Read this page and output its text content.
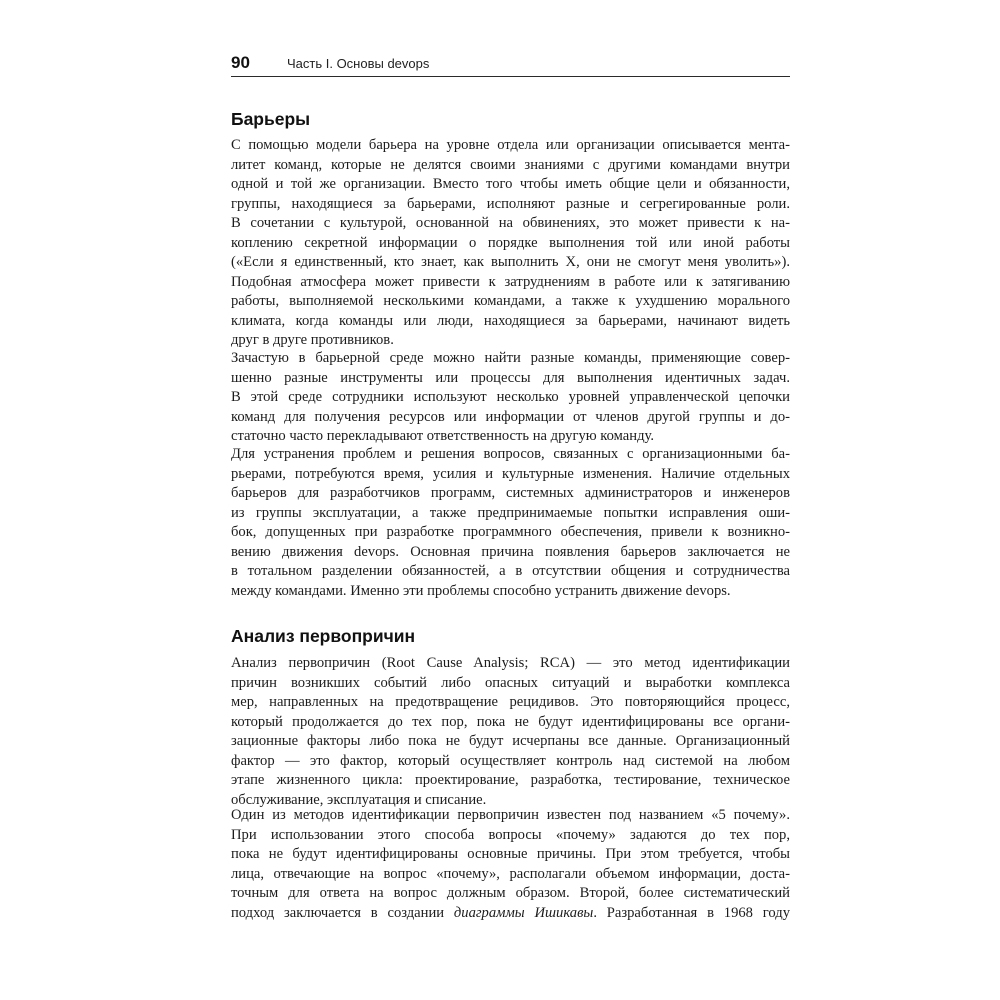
90	Часть I. Основы devops
Барьеры
С помощью модели барьера на уровне отдела или организации описывается мента-
литет команд, которые не делятся своими знаниями с другими командами внутри
одной и той же организации. Вместо того чтобы иметь общие цели и обязанности,
группы, находящиеся за барьерами, исполняют разные и сегрегированные роли.
В сочетании с культурой, основанной на обвинениях, это может привести к на-
коплению секретной информации о порядке выполнения той или иной работы
(«Если я единственный, кто знает, как выполнить X, они не смогут меня уволить»).
Подобная атмосфера может привести к затруднениям в работе или к затягиванию
работы, выполняемой несколькими командами, а также к ухудшению морального
климата, когда команды или люди, находящиеся за барьерами, начинают видеть
друг в друге противников.
Зачастую в барьерной среде можно найти разные команды, применяющие совер-
шенно разные инструменты или процессы для выполнения идентичных задач.
В этой среде сотрудники используют несколько уровней управленческой цепочки
команд для получения ресурсов или информации от членов другой группы и до-
статочно часто перекладывают ответственность на другую команду.
Для устранения проблем и решения вопросов, связанных с организационными ба-
рьерами, потребуются время, усилия и культурные изменения. Наличие отдельных
барьеров для разработчиков программ, системных администраторов и инженеров
из группы эксплуатации, а также предпринимаемые попытки исправления оши-
бок, допущенных при разработке программного обеспечения, привели к возникно-
вению движения devops. Основная причина появления барьеров заключается не
в тотальном разделении обязанностей, а в отсутствии общения и сотрудничества
между командами. Именно эти проблемы способно устранить движение devops.
Анализ первопричин
Анализ первопричин (Root Cause Analysis; RCA) — это метод идентификации
причин возникших событий либо опасных ситуаций и выработки комплекса
мер, направленных на предотвращение рецидивов. Это повторяющийся процесс,
который продолжается до тех пор, пока не будут идентифицированы все органи-
зационные факторы либо пока не будут исчерпаны все данные. Организационный
фактор — это фактор, который осуществляет контроль над системой на любом
этапе жизненного цикла: проектирование, разработка, тестирование, техническое
обслуживание, эксплуатация и списание.
Один из методов идентификации первопричин известен под названием «5 почему».
При использовании этого способа вопросы «почему» задаются до тех пор,
пока не будут идентифицированы основные причины. При этом требуется, чтобы
лица, отвечающие на вопрос «почему», располагали объемом информации, доста-
точным для ответа на вопрос должным образом. Второй, более систематический
подход заключается в создании диаграммы Ишикавы. Разработанная в 1968 году
